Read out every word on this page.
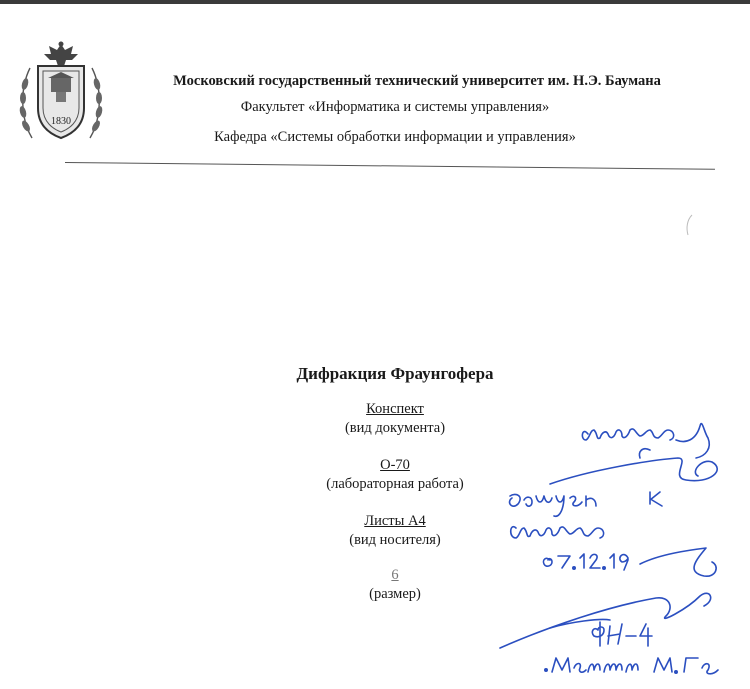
1830
Московский государственный технический университет им. Н.Э. Баумана
Факультет «Информатика и системы управления»
Кафедра «Системы обработки информации и управления»
Дифракция Фраунгофера
Конспект
(вид документа)
О-70
(лабораторная работа)
Листы А4
(вид носителя)
6
(размер)
